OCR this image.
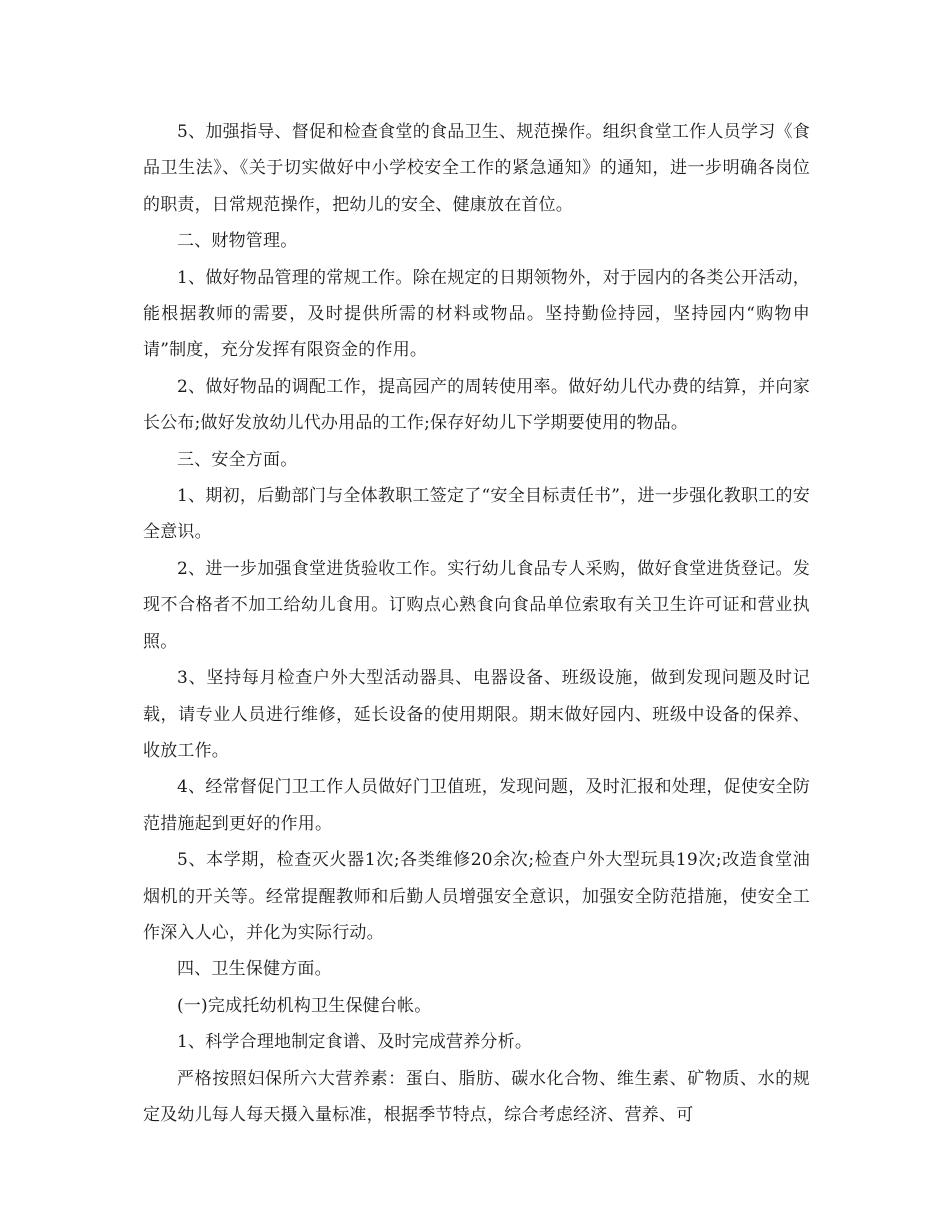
5、加强指导、督促和检查食堂的食品卫生、规范操作。组织食堂工作人员学习《食品卫生法》、《关于切实做好中小学校安全工作的紧急通知》的通知，进一步明确各岗位的职责，日常规范操作，把幼儿的安全、健康放在首位。

二、财物管理。

1、做好物品管理的常规工作。除在规定的日期领物外，对于园内的各类公开活动，能根据教师的需要，及时提供所需的材料或物品。坚持勤俭持园，坚持园内“购物申请”制度，充分发挥有限资金的作用。

2、做好物品的调配工作，提高园产的周转使用率。做好幼儿代办费的结算，并向家长公布;做好发放幼儿代办用品的工作;保存好幼儿下学期要使用的物品。

三、安全方面。

1、期初，后勤部门与全体教职工签定了“安全目标责任书”，进一步强化教职工的安全意识。

2、进一步加强食堂进货验收工作。实行幼儿食品专人采购，做好食堂进货登记。发现不合格者不加工给幼儿食用。订购点心熟食向食品单位索取有关卫生许可证和营业执照。

3、坚持每月检查户外大型活动器具、电器设备、班级设施，做到发现问题及时记载，请专业人员进行维修，延长设备的使用期限。期末做好园内、班级中设备的保养、收放工作。

4、经常督促门卫工作人员做好门卫值班，发现问题，及时汇报和处理，促使安全防范措施起到更好的作用。

5、本学期，检查灭火器1次;各类维修20余次;检查户外大型玩具19次;改造食堂油烟机的开关等。经常提醒教师和后勤人员增强安全意识，加强安全防范措施，使安全工作深入人心，并化为实际行动。

四、卫生保健方面。

(一)完成托幼机构卫生保健台帐。

1、科学合理地制定食谱、及时完成营养分析。

严格按照妇保所六大营养素：蛋白、脂肪、碳水化合物、维生素、矿物质、水的规定及幼儿每人每天摄入量标准，根据季节特点，综合考虑经济、营养、可
